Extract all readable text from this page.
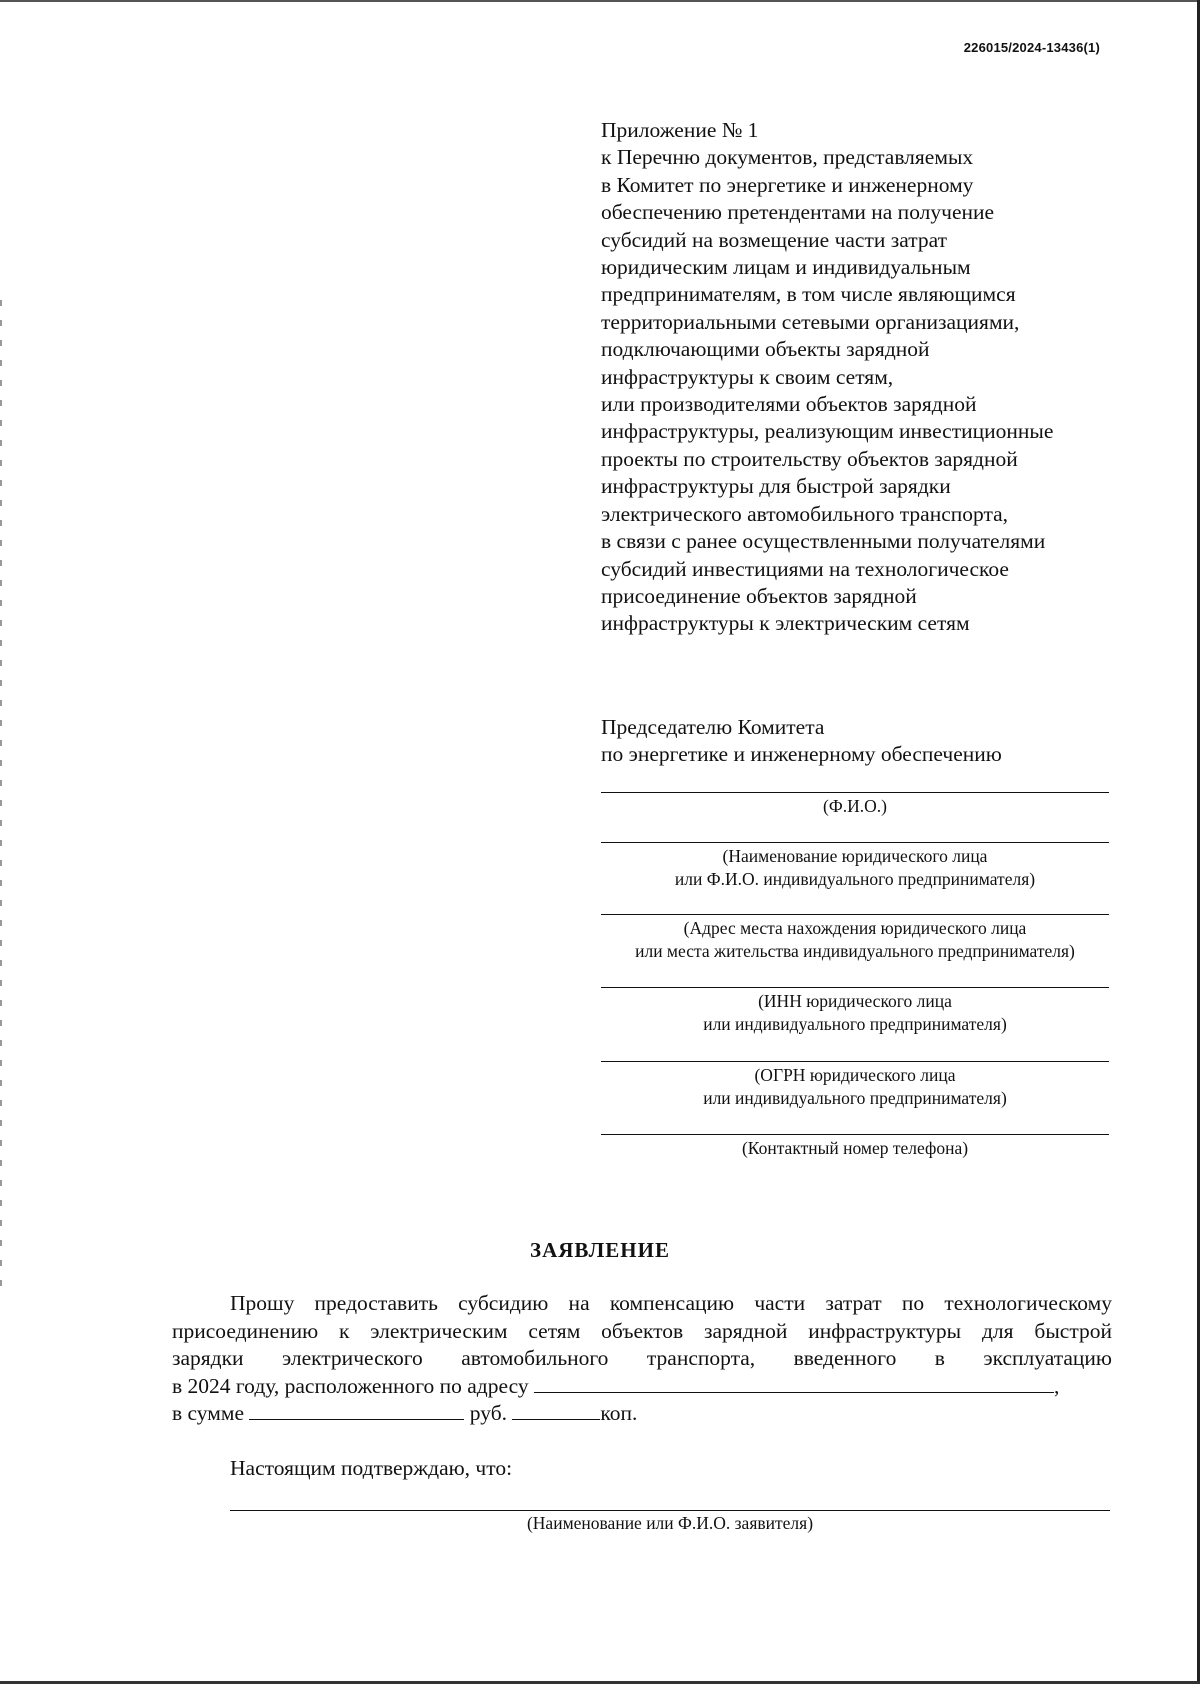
226015/2024-13436(1)
Приложение № 1
к Перечню документов, представляемых
в Комитет по энергетике и инженерному
обеспечению претендентами на получение
субсидий на возмещение части затрат
юридическим лицам и индивидуальным
предпринимателям, в том числе являющимся
территориальными сетевыми организациями,
подключающими объекты зарядной
инфраструктуры к своим сетям,
или производителями объектов зарядной
инфраструктуры, реализующим инвестиционные
проекты по строительству объектов зарядной
инфраструктуры для быстрой зарядки
электрического автомобильного транспорта,
в связи с ранее осуществленными получателями
субсидий инвестициями на технологическое
присоединение объектов зарядной
инфраструктуры к электрическим сетям
Председателю Комитета
по энергетике и инженерному обеспечению
(Ф.И.О.)
(Наименование юридического лица
или Ф.И.О. индивидуального предпринимателя)
(Адрес места нахождения юридического лица
или места жительства индивидуального предпринимателя)
(ИНН юридического лица
или индивидуального предпринимателя)
(ОГРН юридического лица
или индивидуального предпринимателя)
(Контактный номер телефона)
ЗАЯВЛЕНИЕ
Прошу предоставить субсидию на компенсацию части затрат по технологическому
присоединению к электрическим сетям объектов зарядной инфраструктуры для быстрой
зарядки электрического автомобильного транспорта, введенного в эксплуатацию
в 2024 году, расположенного по адресу	,
в сумме	руб.	коп.
Настоящим подтверждаю, что:
(Наименование или Ф.И.О. заявителя)
